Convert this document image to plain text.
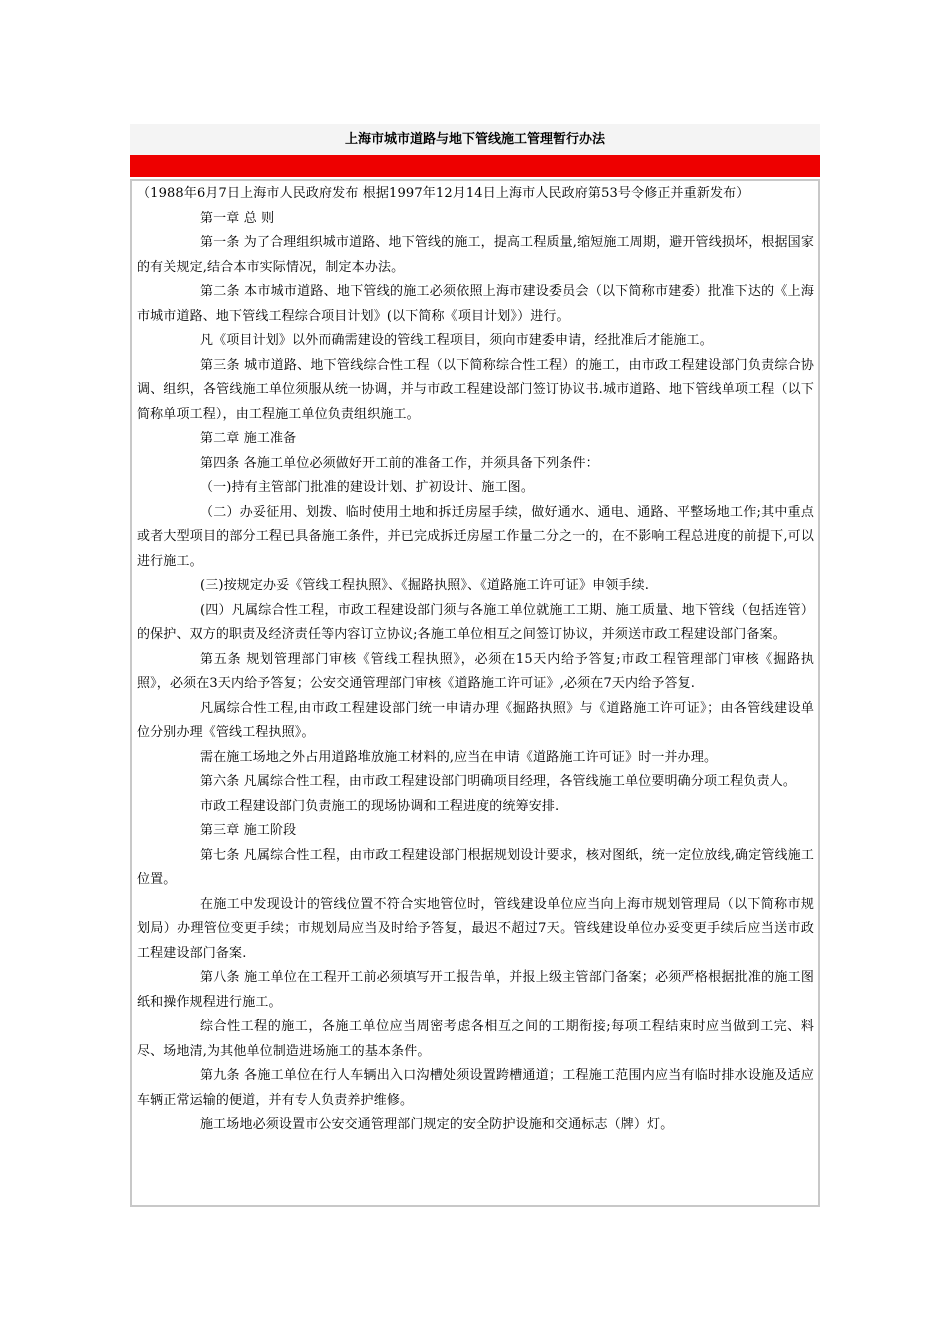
上海市城市道路与地下管线施工管理暂行办法

（1988年6月7日上海市人民政府发布 根据1997年12月14日上海市人民政府第53号令修正并重新发布）

第一章 总 则

第一条 为了合理组织城市道路、地下管线的施工，提高工程质量,缩短施工周期，避开管线损坏，根据国家的有关规定,结合本市实际情况，制定本办法。

第二条 本市城市道路、地下管线的施工必须依照上海市建设委员会（以下简称市建委）批准下达的《上海市城市道路、地下管线工程综合项目计划》(以下简称《项目计划》）进行。

凡《项目计划》以外而确需建设的管线工程项目，须向市建委申请，经批准后才能施工。

第三条 城市道路、地下管线综合性工程（以下简称综合性工程）的施工，由市政工程建设部门负责综合协调、组织，各管线施工单位须服从统一协调，并与市政工程建设部门签订协议书.城市道路、地下管线单项工程（以下简称单项工程），由工程施工单位负责组织施工。

第二章 施工准备

第四条 各施工单位必须做好开工前的准备工作，并须具备下列条件：

（一)持有主管部门批准的建设计划、扩初设计、施工图。

（二）办妥征用、划拨、临时使用土地和拆迁房屋手续，做好通水、通电、通路、平整场地工作;其中重点或者大型项目的部分工程已具备施工条件，并已完成拆迁房屋工作量二分之一的，在不影响工程总进度的前提下,可以进行施工。

(三)按规定办妥《管线工程执照》、《掘路执照》、《道路施工许可证》申领手续.

(四）凡属综合性工程，市政工程建设部门须与各施工单位就施工工期、施工质量、地下管线（包括连管）的保护、双方的职责及经济责任等内容订立协议;各施工单位相互之间签订协议，并须送市政工程建设部门备案。

第五条 规划管理部门审核《管线工程执照》，必须在15天内给予答复;市政工程管理部门审核《掘路执照》，必须在3天内给予答复；公安交通管理部门审核《道路施工许可证》,必须在7天内给予答复.

凡属综合性工程,由市政工程建设部门统一申请办理《掘路执照》与《道路施工许可证》；由各管线建设单位分别办理《管线工程执照》。

需在施工场地之外占用道路堆放施工材料的,应当在申请《道路施工许可证》时一并办理。

第六条 凡属综合性工程，由市政工程建设部门明确项目经理，各管线施工单位要明确分项工程负责人。

市政工程建设部门负责施工的现场协调和工程进度的统筹安排.

第三章 施工阶段

第七条 凡属综合性工程，由市政工程建设部门根据规划设计要求，核对图纸，统一定位放线,确定管线施工位置。

在施工中发现设计的管线位置不符合实地管位时，管线建设单位应当向上海市规划管理局（以下简称市规划局）办理管位变更手续；市规划局应当及时给予答复，最迟不超过7天。管线建设单位办妥变更手续后应当送市政工程建设部门备案.

第八条 施工单位在工程开工前必须填写开工报告单，并报上级主管部门备案；必须严格根据批准的施工图纸和操作规程进行施工。

综合性工程的施工，各施工单位应当周密考虑各相互之间的工期衔接;每项工程结束时应当做到工完、料尽、场地清,为其他单位制造进场施工的基本条件。

第九条 各施工单位在行人车辆出入口沟槽处须设置跨槽通道；工程施工范围内应当有临时排水设施及适应车辆正常运输的便道，并有专人负责养护维修。

施工场地必须设置市公安交通管理部门规定的安全防护设施和交通标志（牌）灯。
